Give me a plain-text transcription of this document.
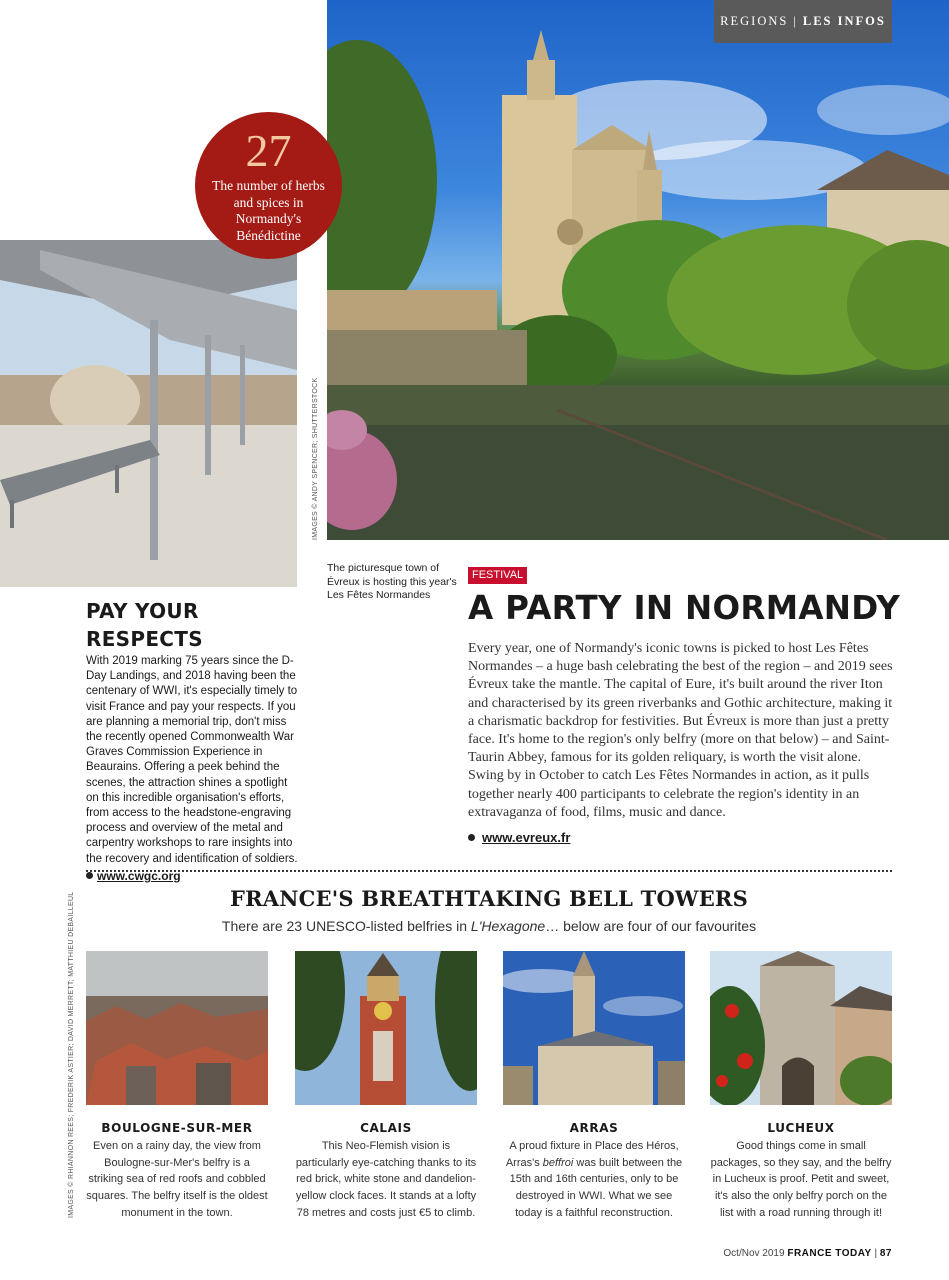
REGIONS | LES INFOS
27
The number of herbs and spices in Normandy's Bénédictine
IMAGES © ANDY SPENCER; SHUTTERSTOCK
IMAGES © RHIANNON REES; FREDERIK ASTIER; DAVID MERRETT; MATTHIEU DEBAILLEUL
The picturesque town of Évreux is hosting this year's Les Fêtes Normandes
PAY YOUR RESPECTS

With 2019 marking 75 years since the D-Day Landings, and 2018 having been the centenary of WWI, it's especially timely to visit France and pay your respects. If you are planning a memorial trip, don't miss the recently opened Commonwealth War Graves Commission Experience in Beaurains. Offering a peek behind the scenes, the attraction shines a spotlight on this incredible organisation's efforts, from access to the headstone-engraving process and overview of the metal and carpentry workshops to rare insights into the recovery and identification of soldiers.

www.cwgc.org
FESTIVAL
A PARTY IN NORMANDY

Every year, one of Normandy's iconic towns is picked to host Les Fêtes Normandes – a huge bash celebrating the best of the region – and 2019 sees Évreux take the mantle. The capital of Eure, it's built around the river Iton and characterised by its green riverbanks and Gothic architecture, making it a charismatic backdrop for festivities. But Évreux is more than just a pretty face. It's home to the region's only belfry (more on that below) – and Saint-Taurin Abbey, famous for its golden reliquary, is worth the visit alone. Swing by in October to catch Les Fêtes Normandes in action, as it pulls together nearly 400 participants to celebrate the region's identity in an extravaganza of food, films, music and dance.

www.evreux.fr
FRANCE'S BREATHTAKING BELL TOWERS
There are 23 UNESCO-listed belfries in L'Hexagone… below are four of our favourites
BOULOGNE-SUR-MER

Even on a rainy day, the view from Boulogne-sur-Mer's belfry is a striking sea of red roofs and cobbled squares. The belfry itself is the oldest monument in the town.

CALAIS

This Neo-Flemish vision is particularly eye-catching thanks to its red brick, white stone and dandelion-yellow clock faces. It stands at a lofty 78 metres and costs just €5 to climb.

ARRAS

A proud fixture in Place des Héros, Arras's beffroi was built between the 15th and 16th centuries, only to be destroyed in WWI. What we see today is a faithful reconstruction.

LUCHEUX

Good things come in small packages, so they say, and the belfry in Lucheux is proof. Petit and sweet, it's also the only belfry porch on the list with a road running through it!

Oct/Nov 2019 FRANCE TODAY | 87
